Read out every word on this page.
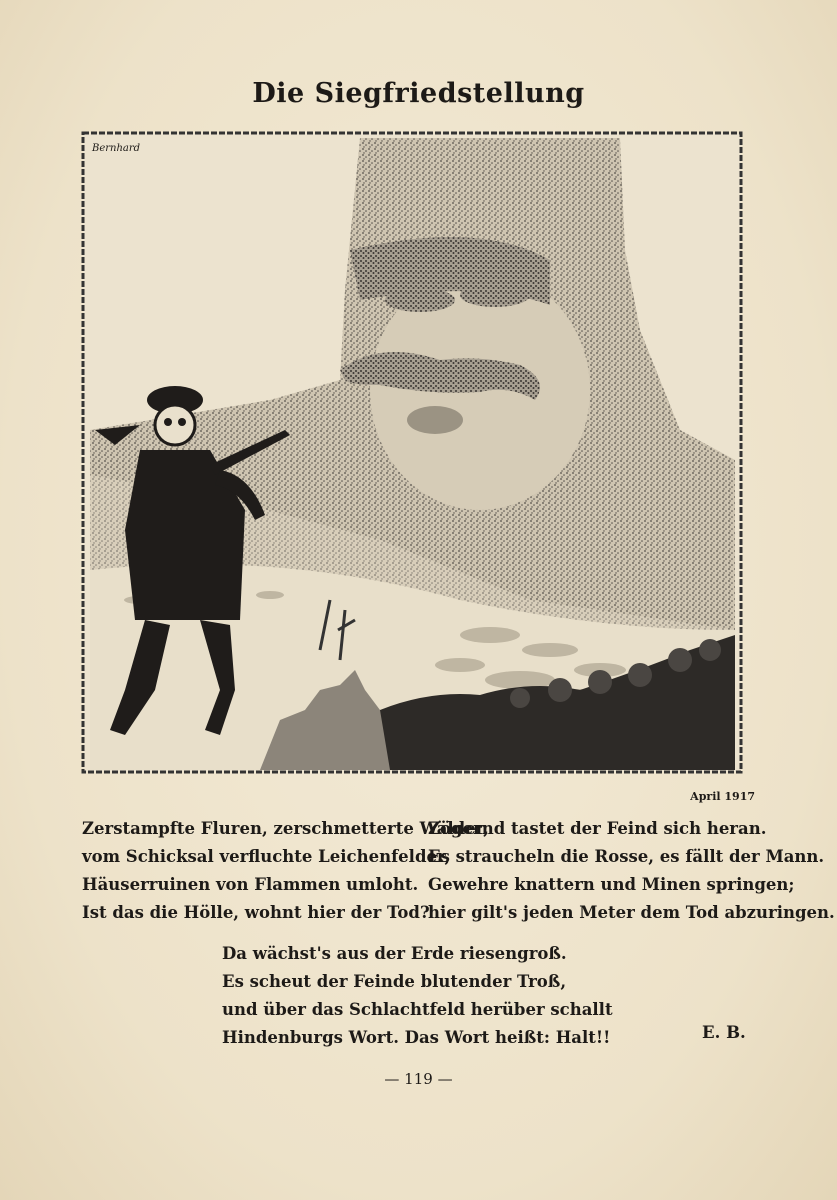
Die Siegfriedstellung
Bernhard
April 1917
Zerstampfte Fluren, zerschmetterte Wälder,
vom Schicksal verfluchte Leichenfelder,
Häuserruinen von Flammen umloht.
Ist das die Hölle, wohnt hier der Tod?
Zögernd tastet der Feind sich heran.
Es straucheln die Rosse, es fällt der Mann.
Gewehre knattern und Minen springen;
hier gilt's jeden Meter dem Tod abzuringen.
Da wächst's aus der Erde riesengroß.
Es scheut der Feinde blutender Troß,
und über das Schlachtfeld herüber schallt
Hindenburgs Wort. Das Wort heißt: Halt!!	E. B.
— 119 —
